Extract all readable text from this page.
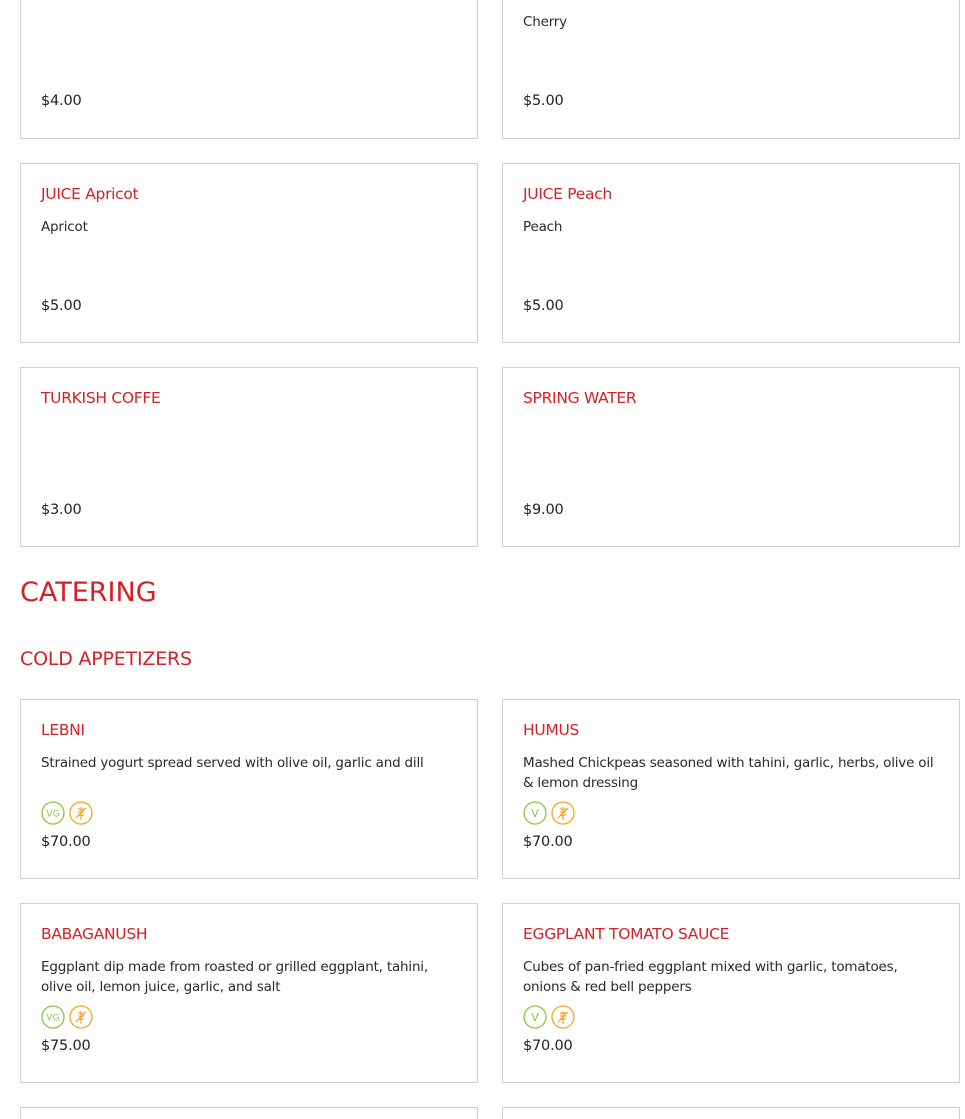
$4.00
Cherry
$5.00
JUICE Apricot
Apricot
$5.00
JUICE Peach
Peach
$5.00
TURKISH COFFE
$3.00
SPRING WATER
$9.00
CATERING
COLD APPETIZERS
LEBNI
Strained yogurt spread served with olive oil, garlic and dill
VG
$70.00
HUMUS
Mashed Chickpeas seasoned with tahini, garlic, herbs, olive oil & lemon dressing
V
$70.00
BABAGANUSH
Eggplant dip made from roasted or grilled eggplant, tahini, olive oil, lemon juice, garlic, and salt
VG
$75.00
EGGPLANT TOMATO SAUCE
Cubes of pan-fried eggplant mixed with garlic, tomatoes, onions & red bell peppers
V
$70.00
